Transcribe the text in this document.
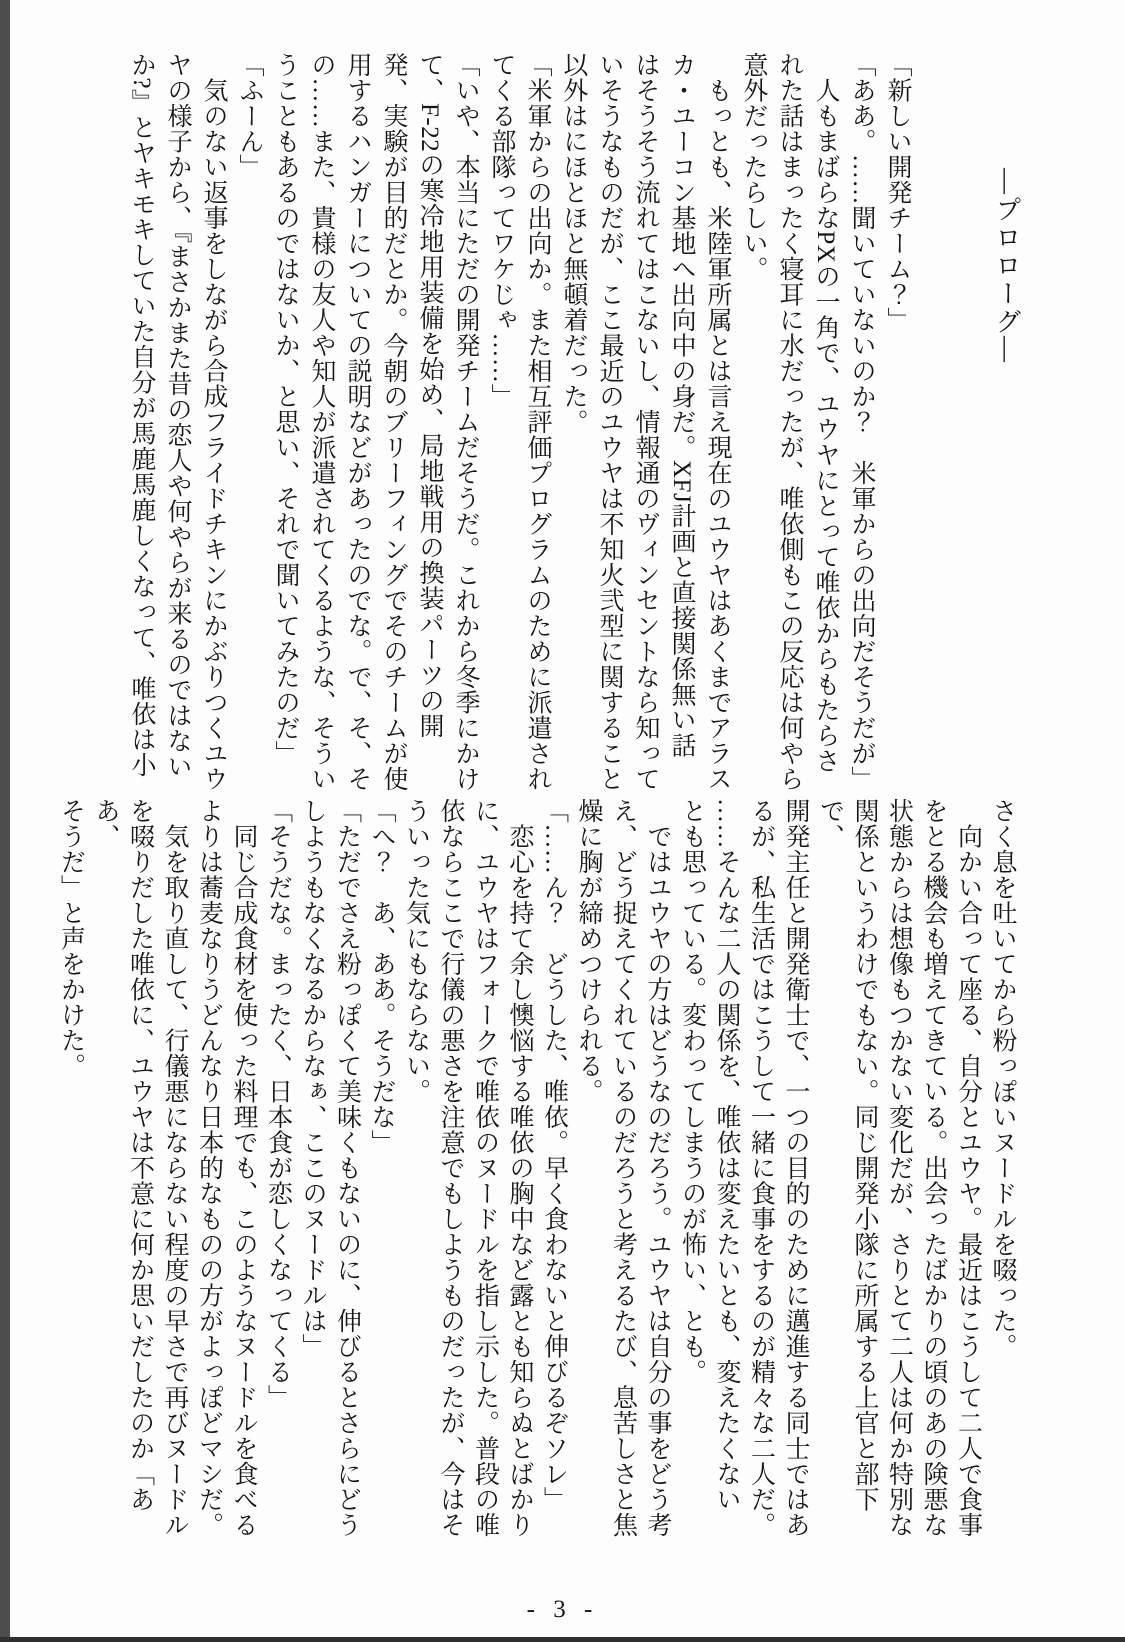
―プロローグ―
「新しい開発チーム？」
「ああ。……聞いていないのか？　米軍からの出向だそうだが」
　人もまばらなPXの一角で、ユウヤにとって唯依からもたらさ
れた話はまったく寝耳に水だったが、唯依側もこの反応は何やら
意外だったらしい。
　もっとも、米陸軍所属とは言え現在のユウヤはあくまでアラス
カ・ユーコン基地へ出向中の身だ。XFJ計画と直接関係無い話
はそうそう流れてはこないし、情報通のヴィンセントなら知って
いそうなものだが、ここ最近のユウヤは不知火弐型に関すること
以外はにほとほと無頓着だった。
「米軍からの出向か。また相互評価プログラムのために派遣され
てくる部隊ってワケじゃ……」
「いや、本当にただの開発チームだそうだ。これから冬季にかけ
て、F-22の寒冷地用装備を始め、局地戦用の換装パーツの開
発、実験が目的だとか。今朝のブリーフィングでそのチームが使
用するハンガーについての説明などがあったのでな。で、そ、そ
の……また、貴様の友人や知人が派遣されてくるような、そうい
うこともあるのではないか、と思い、それで聞いてみたのだ」
「ふーん」
　気のない返事をしながら合成フライドチキンにかぶりつくユウ
ヤの様子から、『まさかまた昔の恋人や何やらが来るのではない
か?』とヤキモキしていた自分が馬鹿馬鹿しくなって、唯依は小
さく息を吐いてから粉っぽいヌードルを啜った。
　向かい合って座る、自分とユウヤ。最近はこうして二人で食事
をとる機会も増えてきている。出会ったばかりの頃のあの険悪な
状態からは想像もつかない変化だが、さりとて二人は何か特別な
関係というわけでもない。同じ開発小隊に所属する上官と部下で、
開発主任と開発衛士で、一つの目的のために邁進する同士ではあ
るが、私生活ではこうして一緒に食事をするのが精々な二人だ。
……そんな二人の関係を、唯依は変えたいとも、変えたくない
とも思っている。変わってしまうのが怖い、とも。
　ではユウヤの方はどうなのだろう。ユウヤは自分の事をどう考
え、どう捉えてくれているのだろうと考えるたび、息苦しさと焦
燥に胸が締めつけられる。
「……ん？　どうした、唯依。早く食わないと伸びるぞソレ」
　恋心を持て余し懊悩する唯依の胸中など露とも知らぬとばかり
に、ユウヤはフォークで唯依のヌードルを指し示した。普段の唯
依ならここで行儀の悪さを注意でもしようものだったが、今はそ
ういった気にもならない。
「へ？　あ、ああ。そうだな」
「ただでさえ粉っぽくて美味くもないのに、伸びるとさらにどう
しようもなくなるからなぁ、ここのヌードルは」
「そうだな。まったく、日本食が恋しくなってくる」
　同じ合成食材を使った料理でも、このようなヌードルを食べる
よりは蕎麦なりうどんなり日本的なものの方がよっぽどマシだ。
　気を取り直して、行儀悪にならない程度の早さで再びヌードル
を啜りだした唯依に、ユウヤは不意に何か思いだしたのか「ああ、
そうだ」と声をかけた。
- 3 -
